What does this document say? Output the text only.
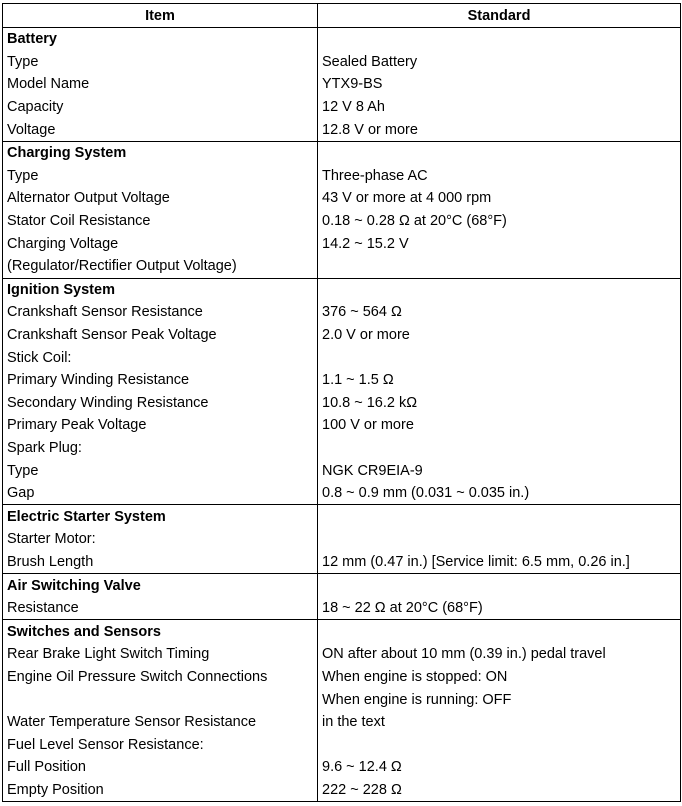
Item	Standard
Battery	
Type	Sealed Battery
Model Name	YTX9-BS
Capacity	12 V 8 Ah
Voltage	12.8 V or more
Charging System	
Type	Three-phase AC
Alternator Output Voltage	43 V or more at 4 000 rpm
Stator Coil Resistance	0.18 ~ 0.28 Ω at 20°C (68°F)
Charging Voltage	14.2 ~ 15.2 V
(Regulator/Rectifier Output Voltage)	
Ignition System	
Crankshaft Sensor Resistance	376 ~ 564 Ω
Crankshaft Sensor Peak Voltage	2.0 V or more
Stick Coil:	
Primary Winding Resistance	1.1 ~ 1.5 Ω
Secondary Winding Resistance	10.8 ~ 16.2 kΩ
Primary Peak Voltage	100 V or more
Spark Plug:	
Type	NGK CR9EIA-9
Gap	0.8 ~ 0.9 mm (0.031 ~ 0.035 in.)
Electric Starter System	
Starter Motor:	
Brush Length	12 mm (0.47 in.) [Service limit: 6.5 mm, 0.26 in.]
Air Switching Valve	
Resistance	18 ~ 22 Ω at 20°C (68°F)
Switches and Sensors	
Rear Brake Light Switch Timing	ON after about 10 mm (0.39 in.) pedal travel
Engine Oil Pressure Switch Connections	When engine is stopped: ON
	When engine is running: OFF
Water Temperature Sensor Resistance	in the text
Fuel Level Sensor Resistance:	
Full Position	9.6 ~ 12.4 Ω
Empty Position	222 ~ 228 Ω
